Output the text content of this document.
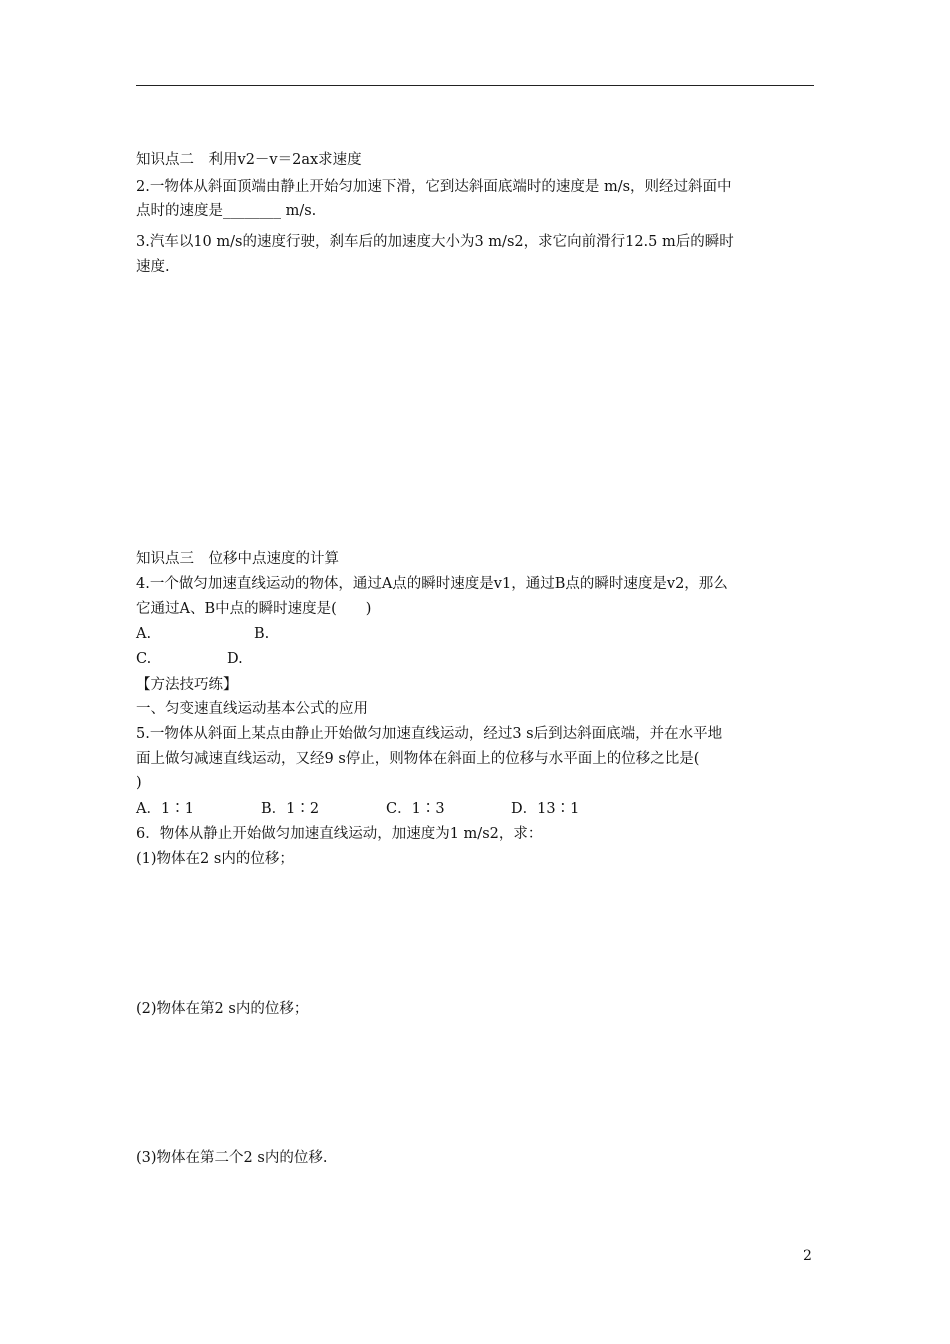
知识点二　利用v2－v＝2ax求速度
2.一物体从斜面顶端由静止开始匀加速下滑，它到达斜面底端时的速度是 m/s，则经过斜面中
点时的速度是________ m/s.
3.汽车以10 m/s的速度行驶，刹车后的加速度大小为3 m/s2，求它向前滑行12.5 m后的瞬时
速度.
知识点三　位移中点速度的计算
4.一个做匀加速直线运动的物体，通过A点的瞬时速度是v1，通过B点的瞬时速度是v2，那么
它通过A、B中点的瞬时速度是(　　)
A.	B.
C.	D.
【方法技巧练】
一、匀变速直线运动基本公式的应用
5.一物体从斜面上某点由静止开始做匀加速直线运动，经过3 s后到达斜面底端，并在水平地
面上做匀减速直线运动，又经9 s停止，则物体在斜面上的位移与水平面上的位移之比是(
)
A．1∶1	B．1∶2	C．1∶3	D．13∶1
6．物体从静止开始做匀加速直线运动，加速度为1 m/s2，求：
(1)物体在2 s内的位移；
(2)物体在第2 s内的位移；
(3)物体在第二个2 s内的位移.
2
